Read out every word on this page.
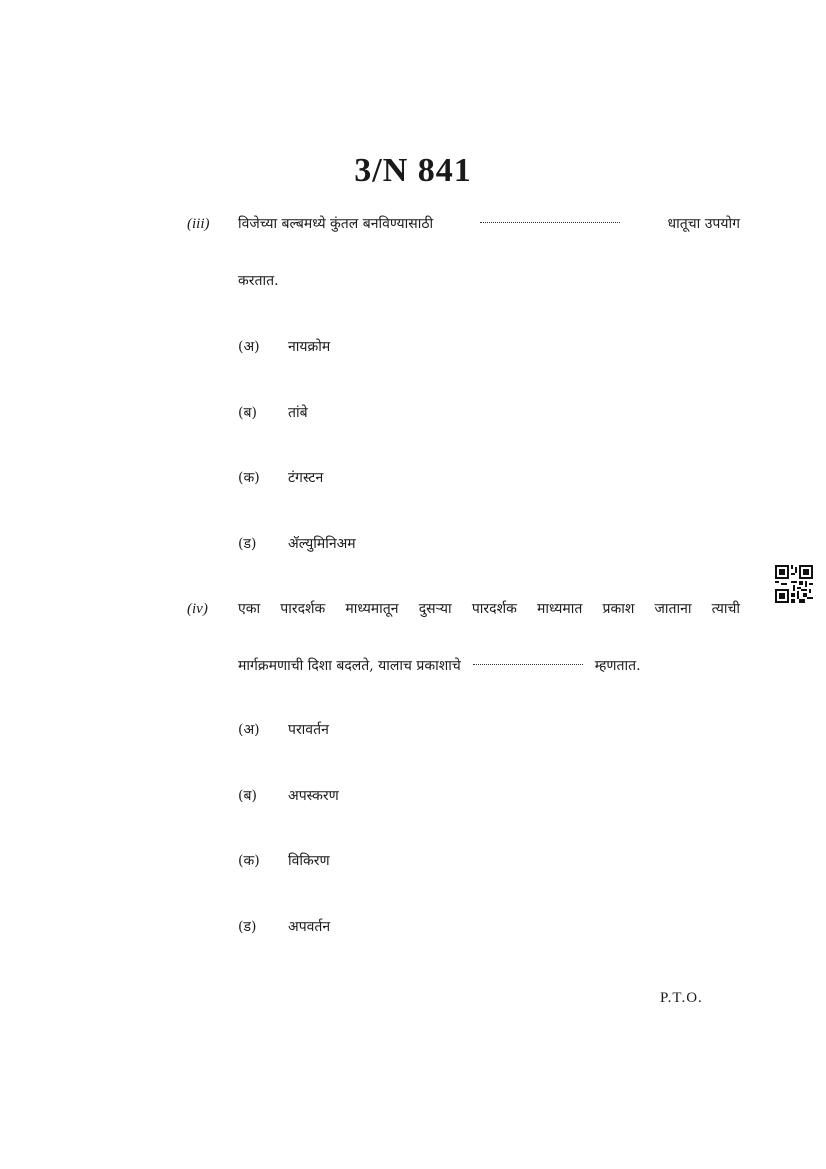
3/N 841
(iii) विजेच्या बल्बमध्ये कुंतल बनविण्यासाठी	धातूचा उपयोग
करतात.
(अ) नायक्रोम
(ब) तांबे
(क) टंगस्टन
(ड) ॲल्युमिनिअम
(iv) एका पारदर्शक माध्यमातून दुसऱ्या पारदर्शक माध्यमात प्रकाश जाताना त्याची
मार्गक्रमणाची दिशा बदलते, यालाच प्रकाशाचे	म्हणतात.
(अ) परावर्तन
(ब) अपस्करण
(क) विकिरण
(ड) अपवर्तन
P.T.O.
